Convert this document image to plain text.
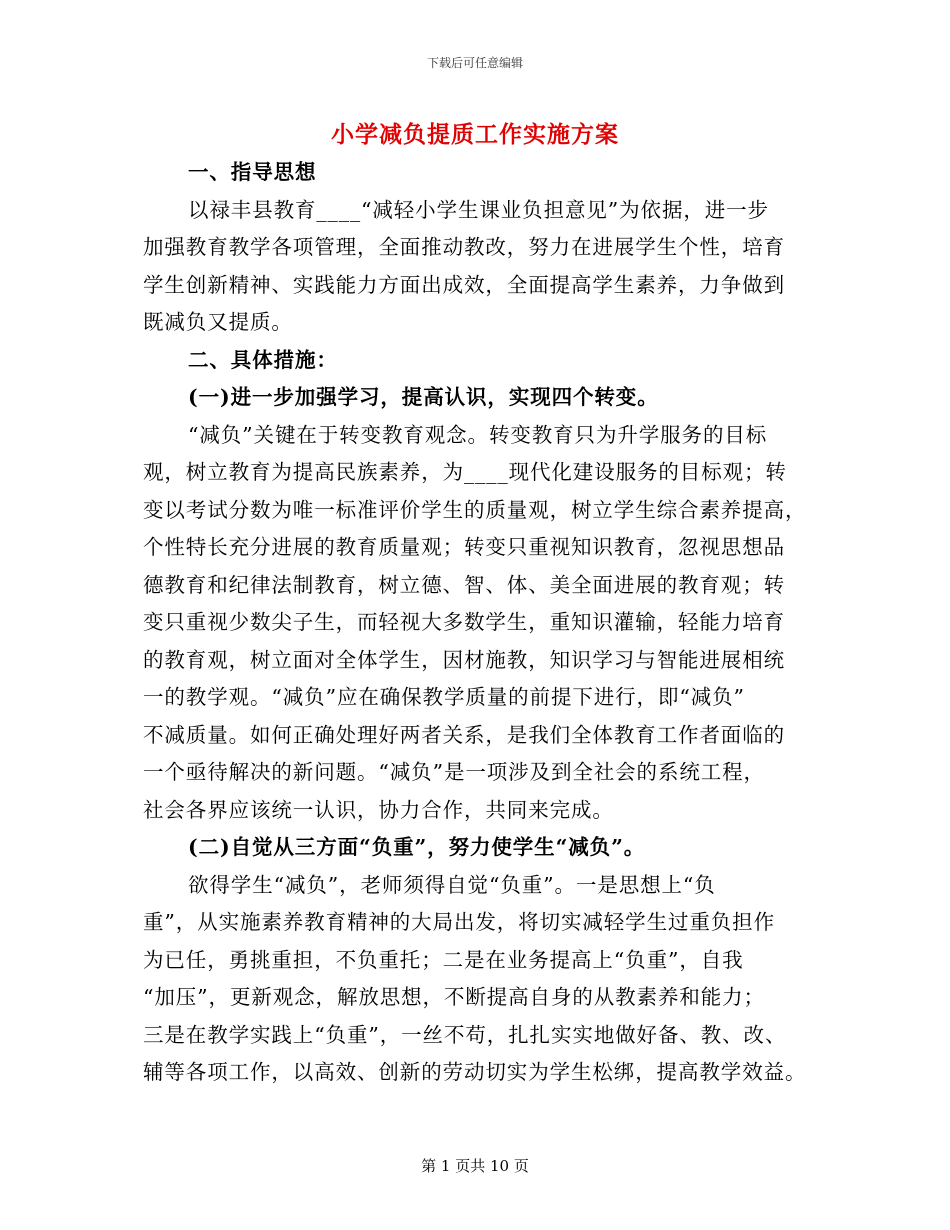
下载后可任意编辑
小学减负提质工作实施方案
一、指导思想
以禄丰县教育____“减轻小学生课业负担意见”为依据，进一步
加强教育教学各项管理，全面推动教改，努力在进展学生个性，培育
学生创新精神、实践能力方面出成效，全面提高学生素养，力争做到
既减负又提质。
二、具体措施：
(一)进一步加强学习，提高认识，实现四个转变。
“减负”关键在于转变教育观念。转变教育只为升学服务的目标
观，树立教育为提高民族素养，为____现代化建设服务的目标观；转
变以考试分数为唯一标准评价学生的质量观，树立学生综合素养提高，
个性特长充分进展的教育质量观；转变只重视知识教育，忽视思想品
德教育和纪律法制教育，树立德、智、体、美全面进展的教育观；转
变只重视少数尖子生，而轻视大多数学生，重知识灌输，轻能力培育
的教育观，树立面对全体学生，因材施教，知识学习与智能进展相统
一的教学观。“减负”应在确保教学质量的前提下进行，即“减负”
不减质量。如何正确处理好两者关系，是我们全体教育工作者面临的
一个亟待解决的新问题。“减负”是一项涉及到全社会的系统工程，
社会各界应该统一认识，协力合作，共同来完成。
(二)自觉从三方面“负重”，努力使学生“减负”。
欲得学生“减负”，老师须得自觉“负重”。一是思想上“负
重”，从实施素养教育精神的大局出发，将切实减轻学生过重负担作
为已任，勇挑重担，不负重托；二是在业务提高上“负重”，自我
“加压”，更新观念，解放思想，不断提高自身的从教素养和能力；
三是在教学实践上“负重”，一丝不苟，扎扎实实地做好备、教、改、
辅等各项工作，以高效、创新的劳动切实为学生松绑，提高教学效益。
第 1 页共 10 页
